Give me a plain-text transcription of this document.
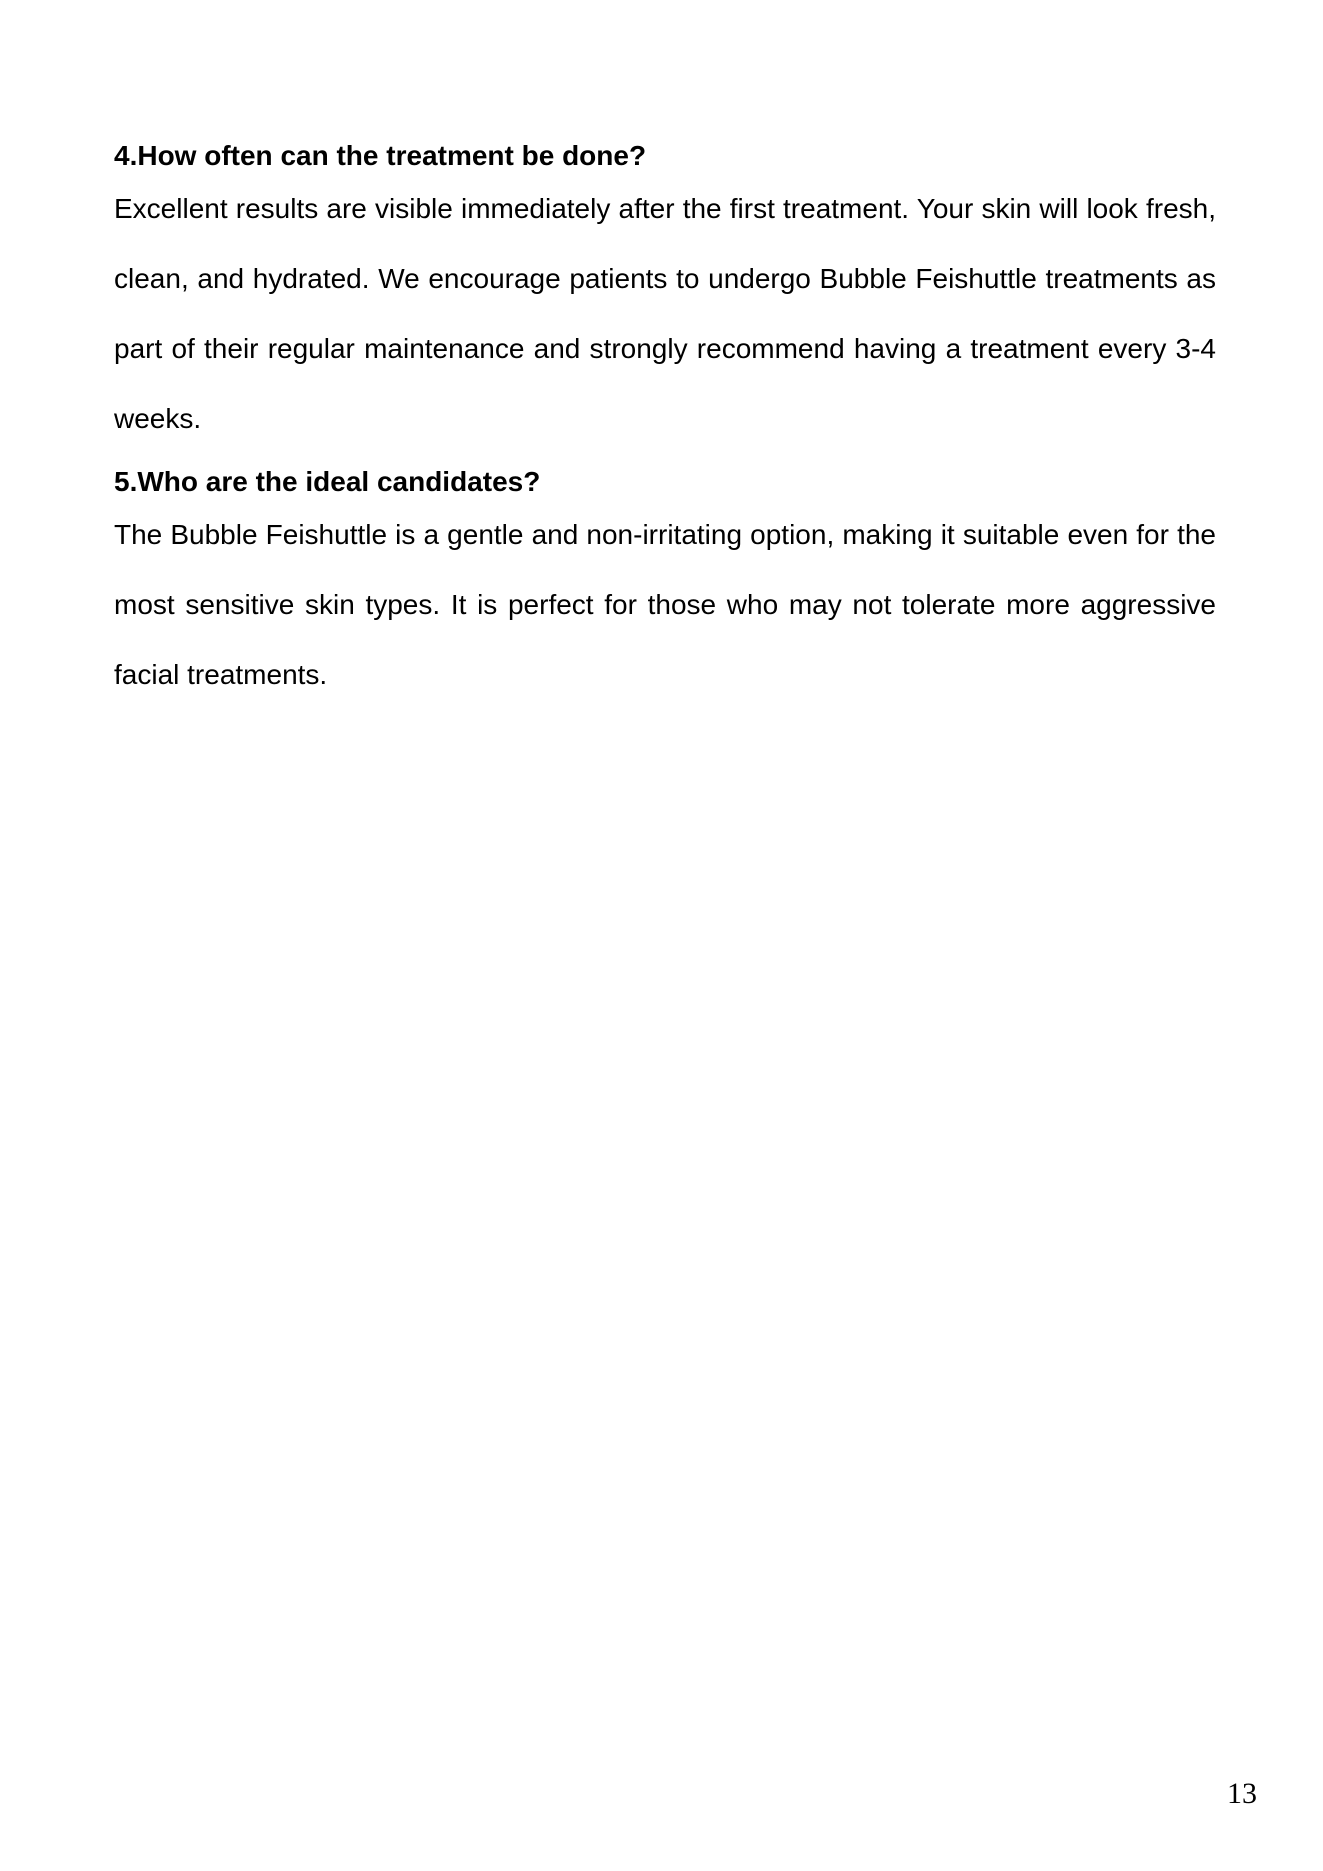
4.How often can the treatment be done?

Excellent results are visible immediately after the first treatment. Your skin will look fresh, clean, and hydrated. We encourage patients to undergo Bubble Feishuttle treatments as part of their regular maintenance and strongly recommend having a treatment every 3-4 weeks.

5.Who are the ideal candidates?

The Bubble Feishuttle is a gentle and non-irritating option, making it suitable even for the most sensitive skin types. It is perfect for those who may not tolerate more aggressive facial treatments.

13
